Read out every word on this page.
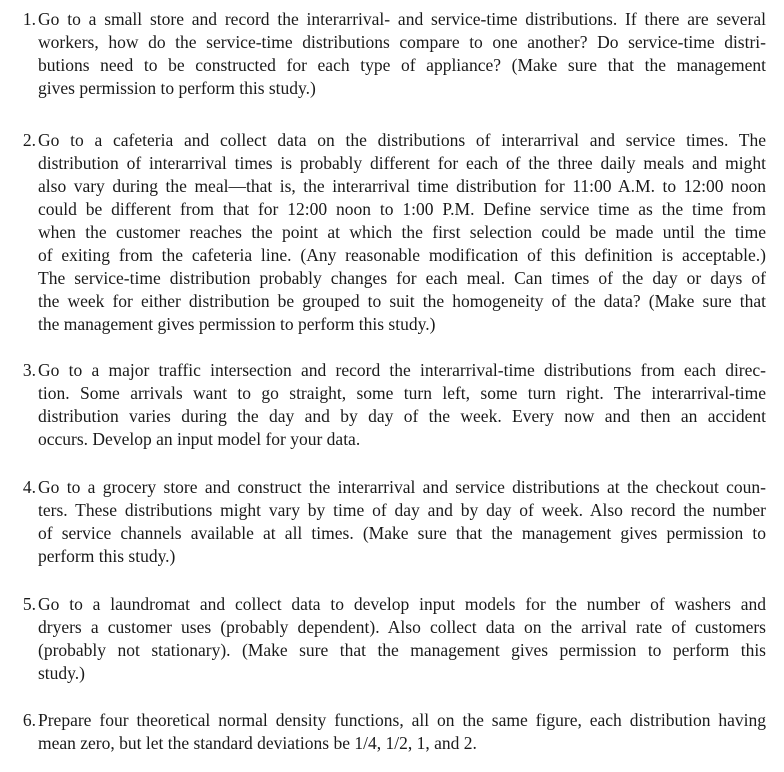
1. Go to a small store and record the interarrival- and service-time distributions. If there are several
workers, how do the service-time distributions compare to one another? Do service-time distri-
butions need to be constructed for each type of appliance? (Make sure that the management
gives permission to perform this study.)
2. Go to a cafeteria and collect data on the distributions of interarrival and service times. The
distribution of interarrival times is probably different for each of the three daily meals and might
also vary during the meal—that is, the interarrival time distribution for 11:00 A.M. to 12:00 noon
could be different from that for 12:00 noon to 1:00 P.M. Define service time as the time from
when the customer reaches the point at which the first selection could be made until the time
of exiting from the cafeteria line. (Any reasonable modification of this definition is acceptable.)
The service-time distribution probably changes for each meal. Can times of the day or days of
the week for either distribution be grouped to suit the homogeneity of the data? (Make sure that
the management gives permission to perform this study.)
3. Go to a major traffic intersection and record the interarrival-time distributions from each direc-
tion. Some arrivals want to go straight, some turn left, some turn right. The interarrival-time
distribution varies during the day and by day of the week. Every now and then an accident
occurs. Develop an input model for your data.
4. Go to a grocery store and construct the interarrival and service distributions at the checkout coun-
ters. These distributions might vary by time of day and by day of week. Also record the number
of service channels available at all times. (Make sure that the management gives permission to
perform this study.)
5. Go to a laundromat and collect data to develop input models for the number of washers and
dryers a customer uses (probably dependent). Also collect data on the arrival rate of customers
(probably not stationary). (Make sure that the management gives permission to perform this
study.)
6. Prepare four theoretical normal density functions, all on the same figure, each distribution having
mean zero, but let the standard deviations be 1/4, 1/2, 1, and 2.
